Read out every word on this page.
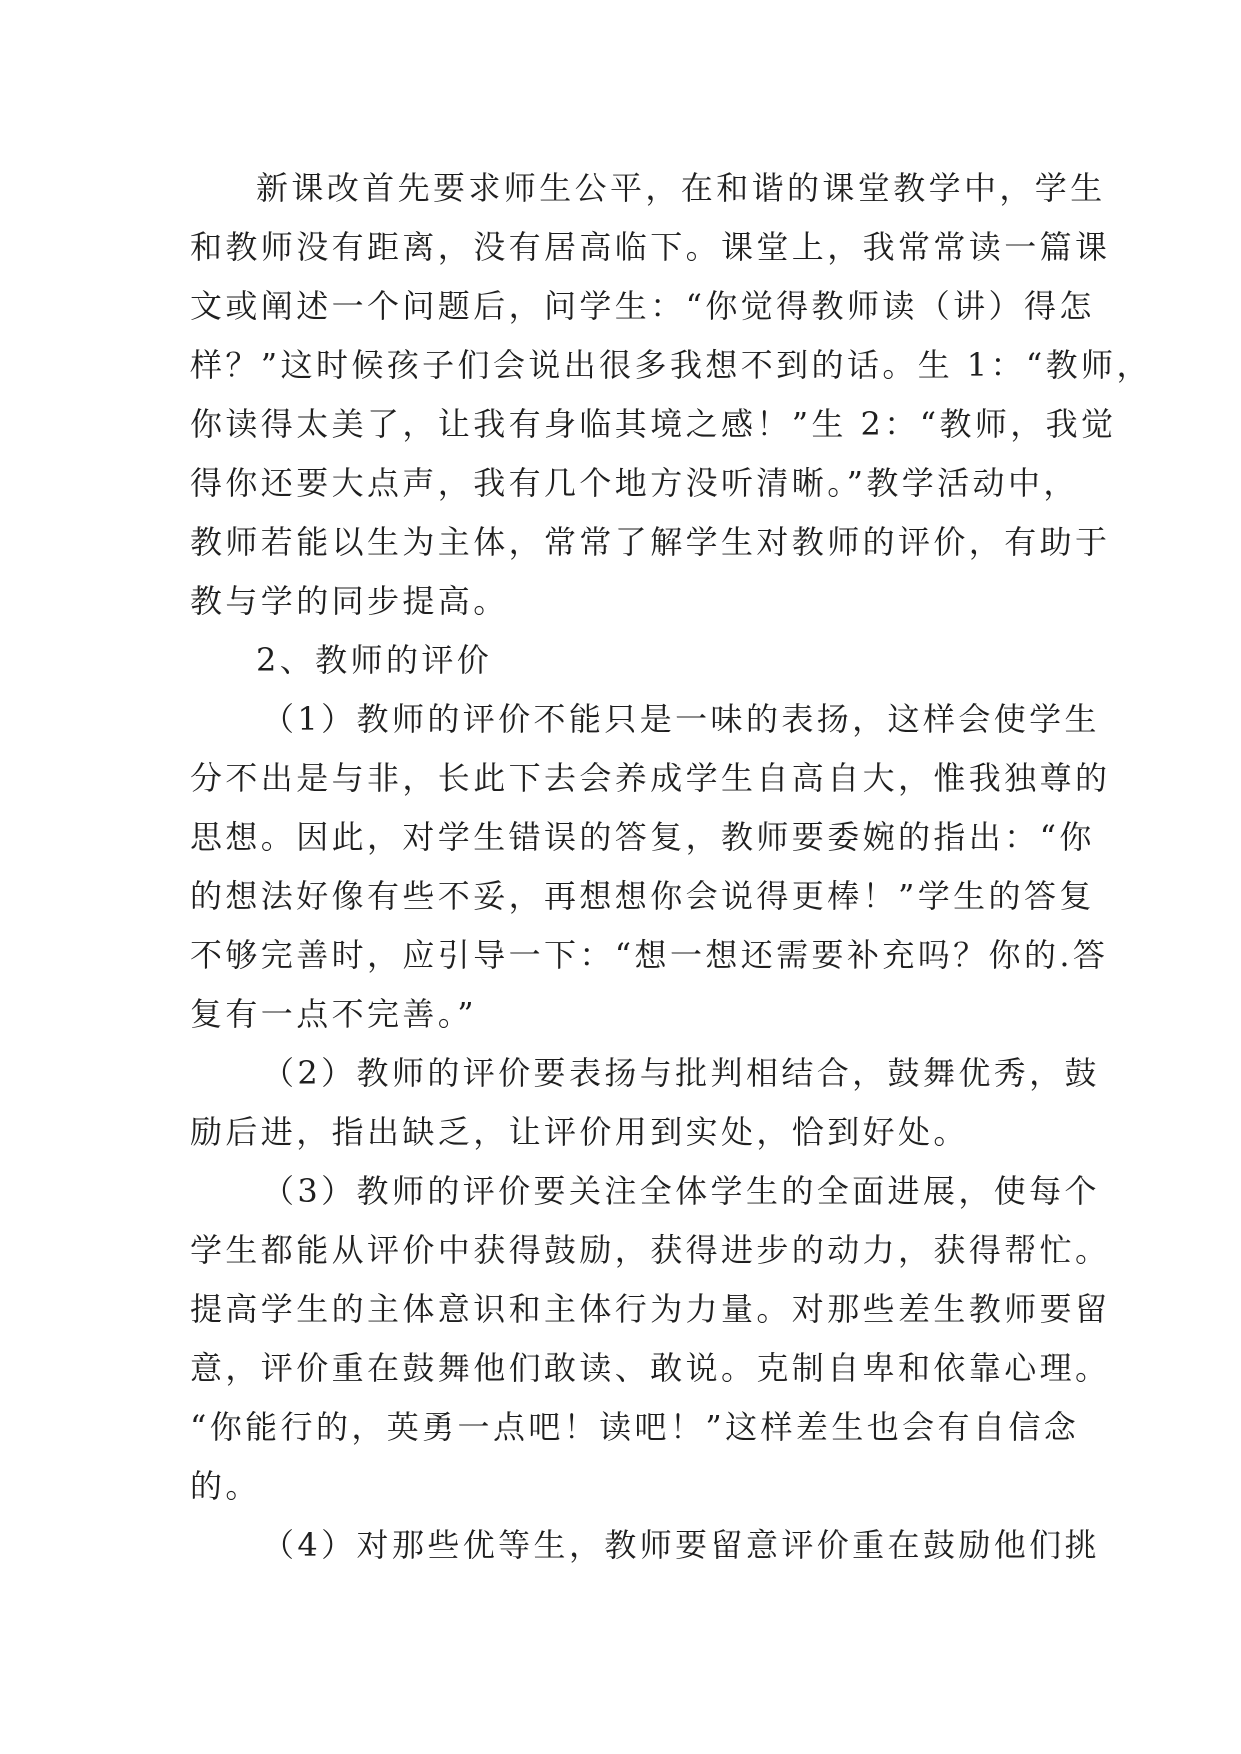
新课改首先要求师生公平，在和谐的课堂教学中，学生

和教师没有距离，没有居高临下。课堂上，我常常读一篇课

文或阐述一个问题后，问学生：“你觉得教师读（讲）得怎

样？”这时候孩子们会说出很多我想不到的话。生 1：“教师，

你读得太美了，让我有身临其境之感！”生 2：“教师，我觉

得你还要大点声，我有几个地方没听清晰。”教学活动中，

教师若能以生为主体，常常了解学生对教师的评价，有助于

教与学的同步提高。

2、教师的评价

（1）教师的评价不能只是一味的表扬，这样会使学生

分不出是与非，长此下去会养成学生自高自大，惟我独尊的

思想。因此，对学生错误的答复，教师要委婉的指出：“你

的想法好像有些不妥，再想想你会说得更棒！”学生的答复

不够完善时，应引导一下：“想一想还需要补充吗？你的.答

复有一点不完善。”

（2）教师的评价要表扬与批判相结合，鼓舞优秀，鼓

励后进，指出缺乏，让评价用到实处，恰到好处。

（3）教师的评价要关注全体学生的全面进展，使每个

学生都能从评价中获得鼓励，获得进步的动力，获得帮忙。

提高学生的主体意识和主体行为力量。对那些差生教师要留

意，评价重在鼓舞他们敢读、敢说。克制自卑和依靠心理。

“你能行的，英勇一点吧！读吧！”这样差生也会有自信念

的。

（4）对那些优等生，教师要留意评价重在鼓励他们挑
